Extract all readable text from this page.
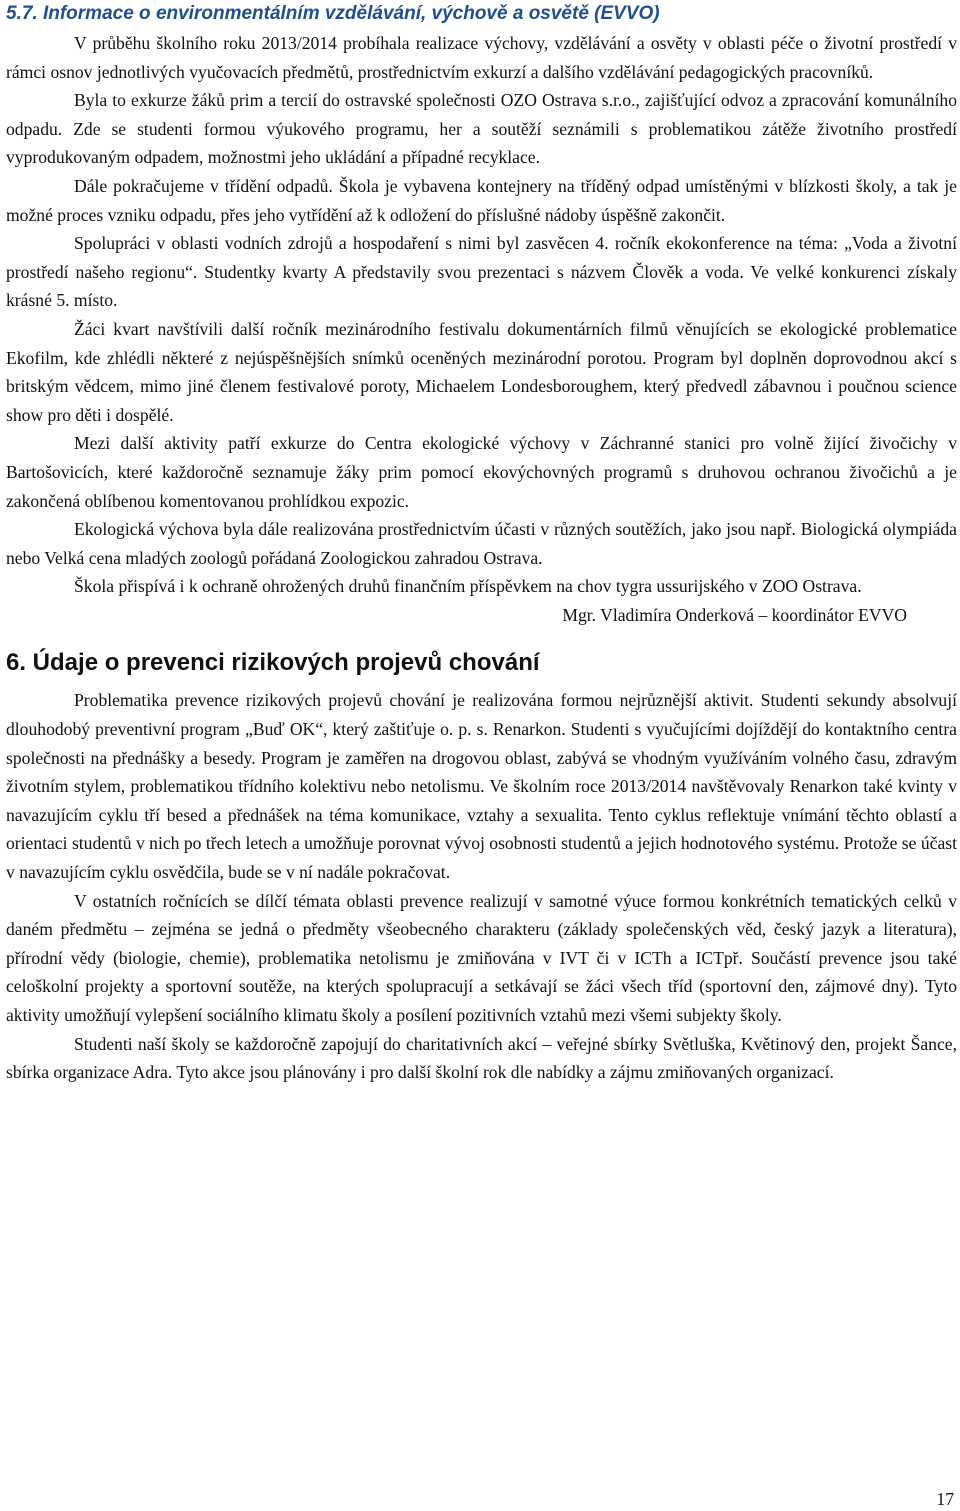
5.7. Informace o environmentálním vzdělávání, výchově a osvětě (EVVO)

V průběhu školního roku 2013/2014 probíhala realizace výchovy, vzdělávání a osvěty v oblasti péče o životní prostředí v rámci osnov jednotlivých vyučovacích předmětů, prostřednictvím exkurzí a dalšího vzdělávání pedagogických pracovníků.

Byla to exkurze žáků prim a tercií do ostravské společnosti OZO Ostrava s.r.o., zajišťující odvoz a zpracování komunálního odpadu. Zde se studenti formou výukového programu, her a soutěží seznámili s problematikou zátěže životního prostředí vyprodukovaným odpadem, možnostmi jeho ukládání a případné recyklace.

Dále pokračujeme v třídění odpadů. Škola je vybavena kontejnery na tříděný odpad umístěnými v blízkosti školy, a tak je možné proces vzniku odpadu, přes jeho vytřídění až k odložení do příslušné nádoby úspěšně zakončit.

Spolupráci v oblasti vodních zdrojů a hospodaření s nimi byl zasvěcen 4. ročník ekokonference na téma: „Voda a životní prostředí našeho regionu“. Studentky kvarty A představily svou prezentaci s názvem Člověk a voda. Ve velké konkurenci získaly krásné 5. místo.

Žáci kvart navštívili další ročník mezinárodního festivalu dokumentárních filmů věnujících se ekologické problematice Ekofilm, kde zhlédli některé z nejúspěšnějších snímků oceněných mezinárodní porotou. Program byl doplněn doprovodnou akcí s britským vědcem, mimo jiné členem festivalové poroty, Michaelem Londesboroughem, který předvedl zábavnou i poučnou science show pro děti i dospělé.

Mezi další aktivity patří exkurze do Centra ekologické výchovy v Záchranné stanici pro volně žijící živočichy v Bartošovicích, které každoročně seznamuje žáky prim pomocí ekovýchovných programů s druhovou ochranou živočichů a je zakončená oblíbenou komentovanou prohlídkou expozic.

Ekologická výchova byla dále realizována prostřednictvím účasti v různých soutěžích, jako jsou např. Biologická olympiáda nebo Velká cena mladých zoologů pořádaná Zoologickou zahradou Ostrava.

Škola přispívá i k ochraně ohrožených druhů finančním příspěvkem na chov tygra ussurijského v ZOO Ostrava.

Mgr. Vladimíra Onderková – koordinátor EVVO

6. Údaje o prevenci rizikových projevů chování

Problematika prevence rizikových projevů chování je realizována formou nejrůznější aktivit. Studenti sekundy absolvují dlouhodobý preventivní program „Buď OK“, který zaštiťuje o. p. s. Renarkon. Studenti s vyučujícími dojíždějí do kontaktního centra společnosti na přednášky a besedy. Program je zaměřen na drogovou oblast, zabývá se vhodným využíváním volného času, zdravým životním stylem, problematikou třídního kolektivu nebo netolismu. Ve školním roce 2013/2014 navštěvovaly Renarkon také kvinty v navazujícím cyklu tří besed a přednášek na téma komunikace, vztahy a sexualita. Tento cyklus reflektuje vnímání těchto oblastí a orientaci studentů v nich po třech letech a umožňuje porovnat vývoj osobnosti studentů a jejich hodnotového systému. Protože se účast v navazujícím cyklu osvědčila, bude se v ní nadále pokračovat.

V ostatních ročnících se dílčí témata oblasti prevence realizují v samotné výuce formou konkrétních tematických celků v daném předmětu – zejména se jedná o předměty všeobecného charakteru (základy společenských věd, český jazyk a literatura), přírodní vědy (biologie, chemie), problematika netolismu je zmiňována v IVT či v ICTh a ICTpř. Součástí prevence jsou také celoškolní projekty a sportovní soutěže, na kterých spolupracují a setkávají se žáci všech tříd (sportovní den, zájmové dny). Tyto aktivity umožňují vylepšení sociálního klimatu školy a posílení pozitivních vztahů mezi všemi subjekty školy.

Studenti naší školy se každoročně zapojují do charitativních akcí – veřejné sbírky Světluška, Květinový den, projekt Šance, sbírka organizace Adra. Tyto akce jsou plánovány i pro další školní rok dle nabídky a zájmu zmiňovaných organizací.

17
